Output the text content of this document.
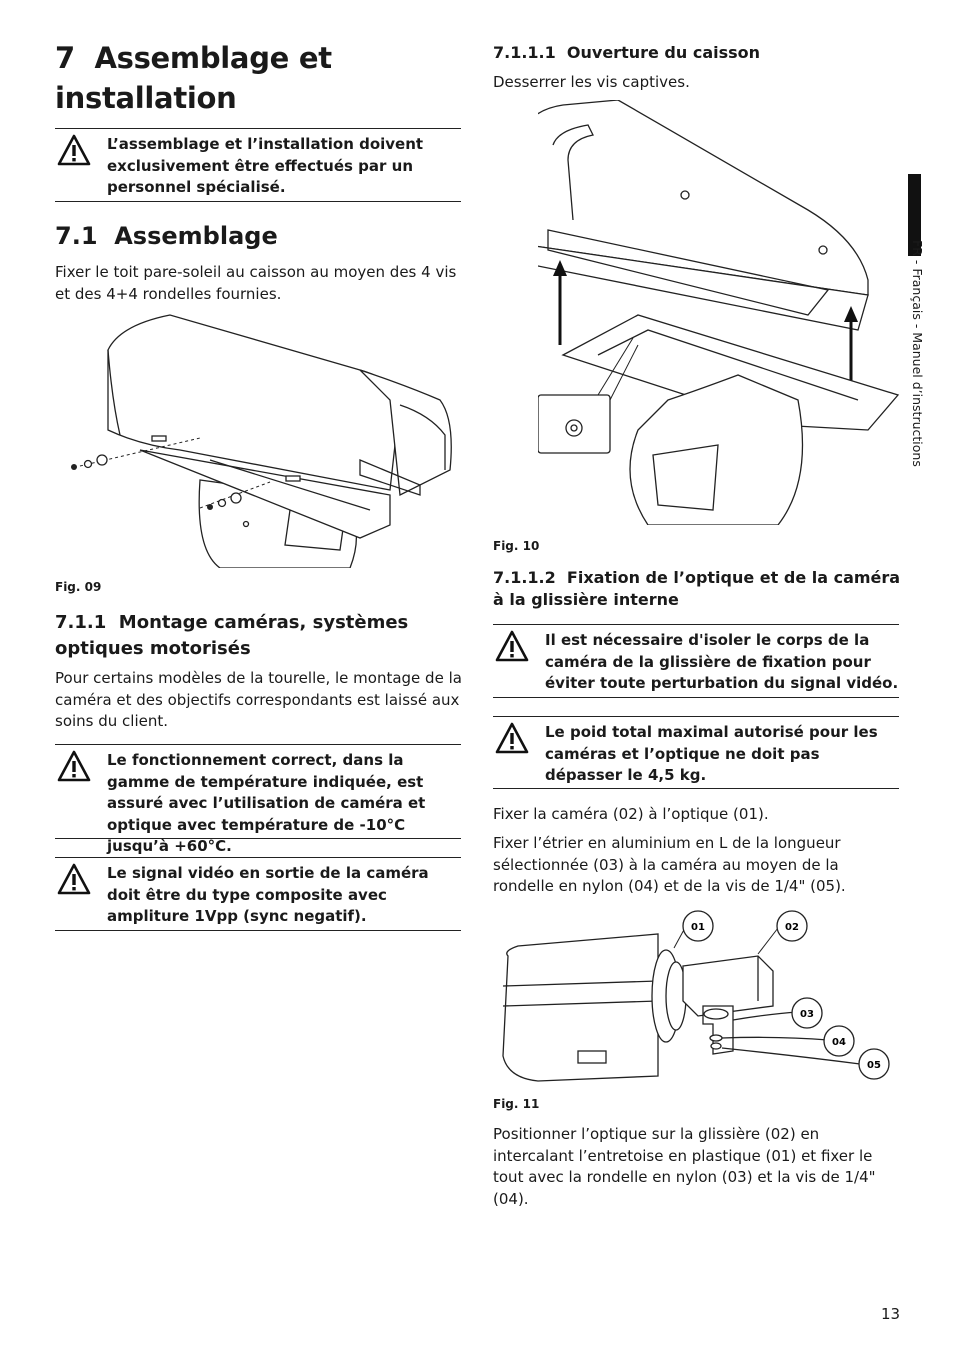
7 Assemblage et
installation
L’assemblage et l’installation doivent exclusivement être effectués par un personnel spécialisé.
7.1 Assemblage
Fixer le toit pare-soleil au caisson au moyen des 4 vis et des 4+4 rondelles fournies.
Fig. 09
7.1.1 Montage caméras, systèmes
optiques motorisés
Pour certains modèles de la tourelle, le montage de la caméra et des objectifs correspondants est laissé aux soins du client.
Le fonctionnement correct, dans la gamme de température indiquée, est assuré avec l’utilisation de caméra et optique avec température de -10°C jusqu’à +60°C.
Le signal vidéo en sortie de la caméra doit être du type composite avec ampliture 1Vpp (sync negatif).
7.1.1.1 Ouverture du caisson
Desserrer les vis captives.
Fig. 10
7.1.1.2 Fixation de l’optique et de la caméra
à la glissière interne
Il est nécessaire d'isoler le corps de la caméra de la glissière de fixation pour éviter toute perturbation du signal vidéo.
Le poid total maximal autorisé pour les caméras et l’optique ne doit pas dépasser le 4,5 kg.
Fixer la caméra (02) à l’optique (01).
Fixer l’étrier en aluminium en L de la longueur sélectionnée (03) à la caméra au moyen de la rondelle en nylon (04) et de la vis de 1/4" (05).
01	02
03
04
05
Fig. 11
Positionner l’optique sur la glissière (02) en intercalant l’entretoise en plastique (01) et fixer le tout avec la rondelle en nylon (03) et la vis de 1/4" (04).
FR - Français - Manuel d’instructions
13
